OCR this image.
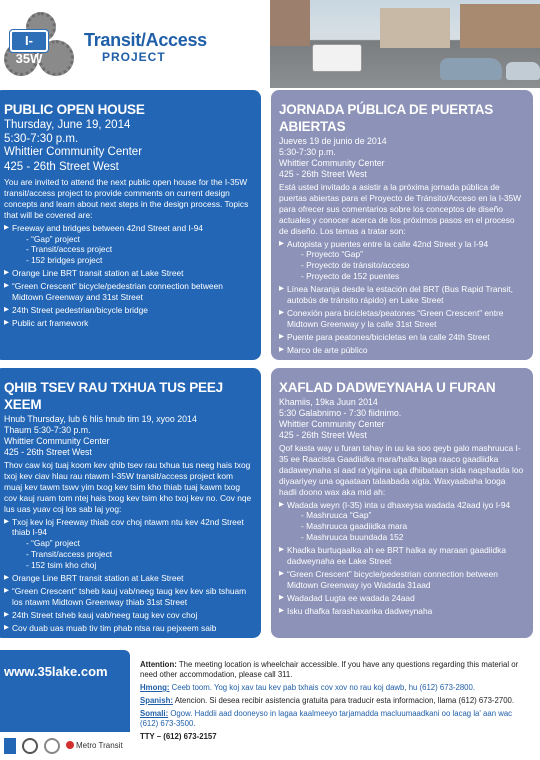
I-35W
Transit/Access
PROJECT
PUBLIC OPEN HOUSE
Thursday, June 19, 2014
5:30-7:30 p.m.
Whittier Community Center
425 - 26th Street West
You are invited to attend the next public open house for the I-35W transit/access project to provide comments on current design concepts and learn about next steps in the design process. Topics that will be covered are:
▶ Freeway and bridges between 42nd Street and I-94
- “Gap” project
- Transit/access project
- 152 bridges project
▶ Orange Line BRT transit station at Lake Street
▶ “Green Crescent” bicycle/pedestrian connection between Midtown Greenway and 31st Street
▶ 24th Street pedestrian/bicycle bridge
▶ Public art framework
JORNADA PÚBLICA DE PUERTAS ABIERTAS
Jueves 19 de junio de 2014
5:30-7:30 p.m.
Whittier Community Center
425 - 26th Street West
Está usted invitado a asistir a la próxima jornada pública de puertas abiertas para el Proyecto de Tránsito/Acceso en la I-35W para ofrecer sus comentarios sobre los conceptos de diseño actuales y conocer acerca de los próximos pasos en el proceso de diseño. Los temas a tratar son:
▶ Autopista y puentes entre la calle 42nd Street y la I-94
- Proyecto “Gap”
- Proyecto de tránsito/acceso
- Proyecto de 152 puentes
▶ Línea Naranja desde la estación del BRT (Bus Rapid Transit, autobús de tránsito rápido) en Lake Street
▶ Conexión para bicicletas/peatones “Green Crescent” entre Midtown Greenway y la calle 31st Street
▶ Puente para peatones/bicicletas en la calle 24th Street
▶ Marco de arte público
QHIB TSEV RAU TXHUA TUS PEEJ XEEM
Hnub Thursday, lub 6 hlis hnub tim 19, xyoo 2014
Thaum 5:30-7:30 p.m.
Whittier Community Center
425 - 26th Street West
Thov caw koj tuaj koom kev qhib tsev rau txhua tus neeg hais txog txoj kev ciav hlau rau ntawm I-35W transit/access project kom muaj kev tawm tswv yim txog kev tsim kho thiab tuaj kawm txog cov kauj ruam tom ntej hais txog kev tsim kho txoj kev no. Cov nqe lus uas yuav coj los sab laj yog:
▶ Txoj kev loj Freeway thiab cov choj ntawm ntu kev 42nd Street thiab I-94
- “Gap” project
- Transit/access project
- 152 tsim kho choj
▶ Orange Line BRT transit station at Lake Street
▶ “Green Crescent” tsheb kauj vab/neeg taug kev kev sib tshuam los ntawm Midtown Greenway thiab 31st Street
▶ 24th Street tsheb kauj vab/neeg taug kev cov choj
▶ Cov duab uas muab tiv tim phab ntsa rau pejxeem saib
XAFLAD DADWEYNAHA U FURAN
Khamiis, 19ka Juun 2014
5:30 Galabnimo - 7:30 fiidnimo.
Whittier Community Center
425 - 26th Street West
Qof kasta way u furan tahay in uu ka soo qeyb galo mashruuca I-35 ee Raacista Gaadiidka mara/halka laga raaco gaadiidka dadaweynaha si aad ra'yigiina uga dhiibataan sida naqshadda loo diyaariyey una ogaataan talaabada xigta. Waxyaabaha looga hadli doono wax aka mid ah:
▶ Wadada weyn (I-35) inta u dhaxeysa wadada 42aad iyo I-94
- Mashruuca “Gap”
- Mashruuca gaadiidka mara
- Mashruuca buundada 152
▶ Khadka burtuqaalka ah ee BRT halka ay maraan gaadiidka dadweynaha ee Lake Street
▶ “Green Crescent” bicycle/pedestrian connection between Midtown Greenway iyo Wadada 31aad
▶ Wadadad Lugta ee wadada 24aad
▶ Isku dhafka farashaxanka dadweynaha
www.35lake.com
Metro Transit
Attention: The meeting location is wheelchair accessible. If you have any questions regarding this material or need other accommodation, please call 311.
Hmong: Ceeb toom. Yog koj xav tau kev pab txhais cov xov no rau koj dawb, hu (612) 673-2800.
Spanish: Atencion. Si desea recibir asistencia gratuita para traducir esta informacion, llama (612) 673-2700.
Somali: Ogow. Haddii aad dooneyso in lagaa kaalmeeyo tarjamadda macluumaadkani oo lacag la' aan wac (612) 673-3500.
TTY – (612) 673-2157
